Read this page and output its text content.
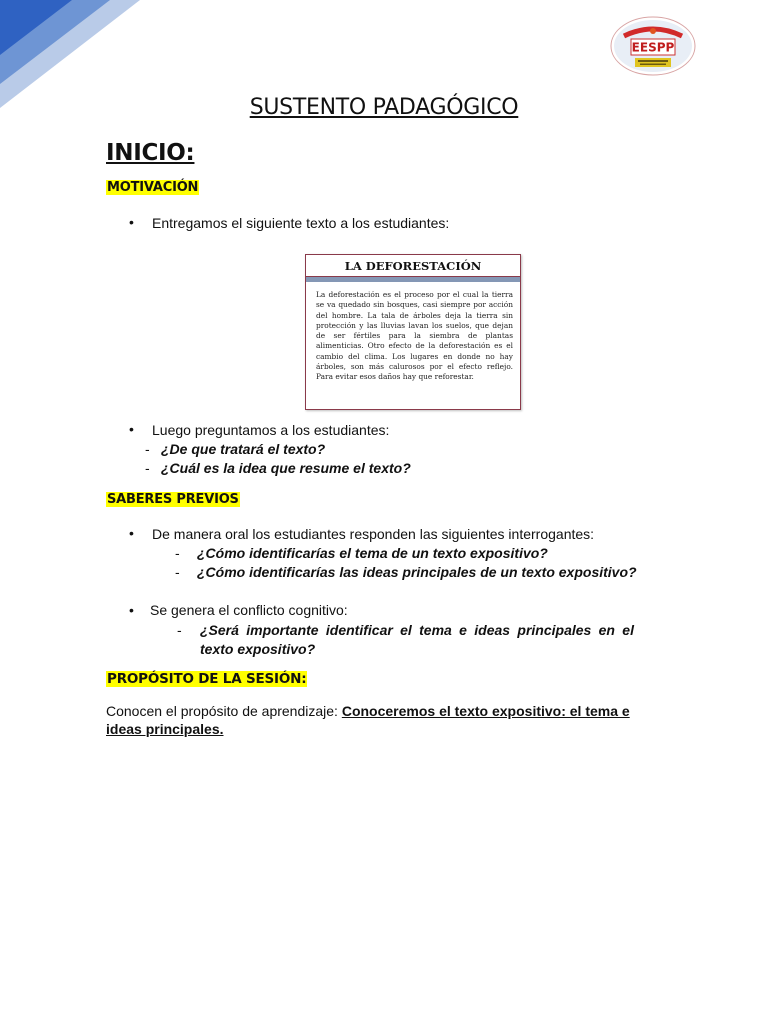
EESPP
SUSTENTO PADAGÓGICO
INICIO:
MOTIVACIÓN
• Entregamos el siguiente texto a los estudiantes:
LA DEFORESTACIÓN
La deforestación es el proceso por el cual la tierra se va quedado sin bosques, casi siempre por acción del hombre. La tala de árboles deja la tierra sin protección y las lluvias lavan los suelos, que dejan de ser fértiles para la siembra de plantas alimenticias. Otro efecto de la deforestación es el cambio del clima. Los lugares en donde no hay árboles, son más calurosos por el efecto reflejo. Para evitar esos daños hay que reforestar.
• Luego preguntamos a los estudiantes:
- ¿De que tratará el texto?
- ¿Cuál es la idea que resume el texto?
SABERES PREVIOS
• De manera oral los estudiantes responden las siguientes interrogantes:
- ¿Cómo identificarías el tema de un texto expositivo?
- ¿Cómo identificarías las ideas principales de un texto expositivo?
• Se genera el conflicto cognitivo:
- ¿Será importante identificar el tema e ideas principales en el texto expositivo?
PROPÓSITO DE LA SESIÓN:
Conocen el propósito de aprendizaje: Conoceremos el texto expositivo: el tema e ideas principales.
